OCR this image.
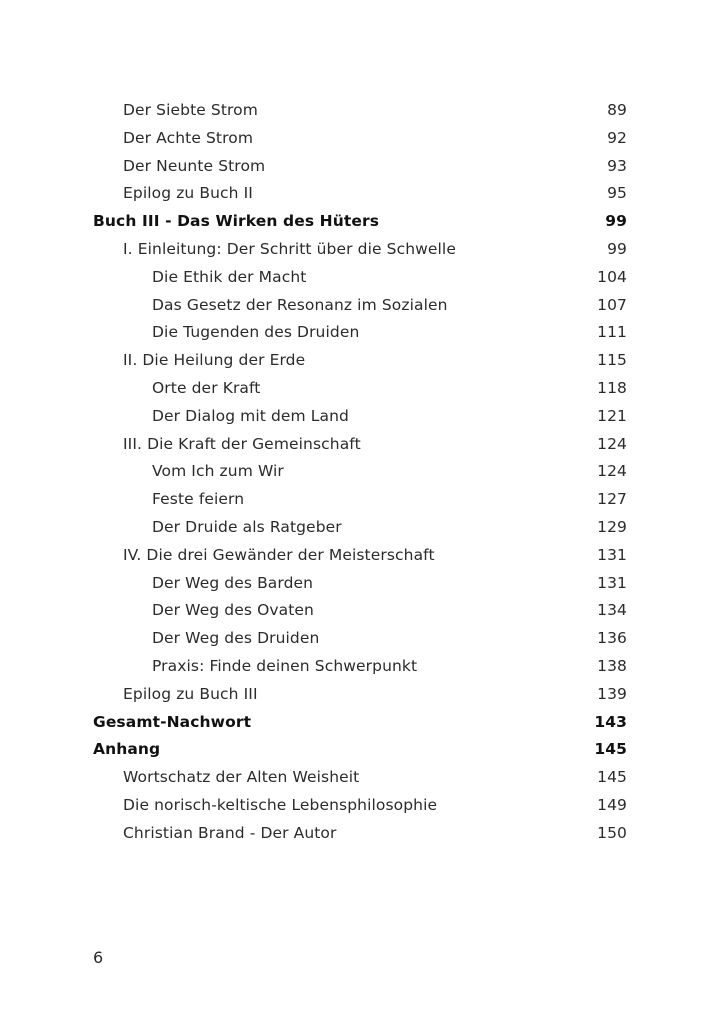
Der Siebte Strom	89
Der Achte Strom	92
Der Neunte Strom	93
Epilog zu Buch II	95
Buch III - Das Wirken des Hüters	99
I. Einleitung: Der Schritt über die Schwelle	99
Die Ethik der Macht	104
Das Gesetz der Resonanz im Sozialen	107
Die Tugenden des Druiden	111
II. Die Heilung der Erde	115
Orte der Kraft	118
Der Dialog mit dem Land	121
III. Die Kraft der Gemeinschaft	124
Vom Ich zum Wir	124
Feste feiern	127
Der Druide als Ratgeber	129
IV. Die drei Gewänder der Meisterschaft	131
Der Weg des Barden	131
Der Weg des Ovaten	134
Der Weg des Druiden	136
Praxis: Finde deinen Schwerpunkt	138
Epilog zu Buch III	139
Gesamt-Nachwort	143
Anhang	145
Wortschatz der Alten Weisheit	145
Die norisch-keltische Lebensphilosophie	149
Christian Brand - Der Autor	150
6
